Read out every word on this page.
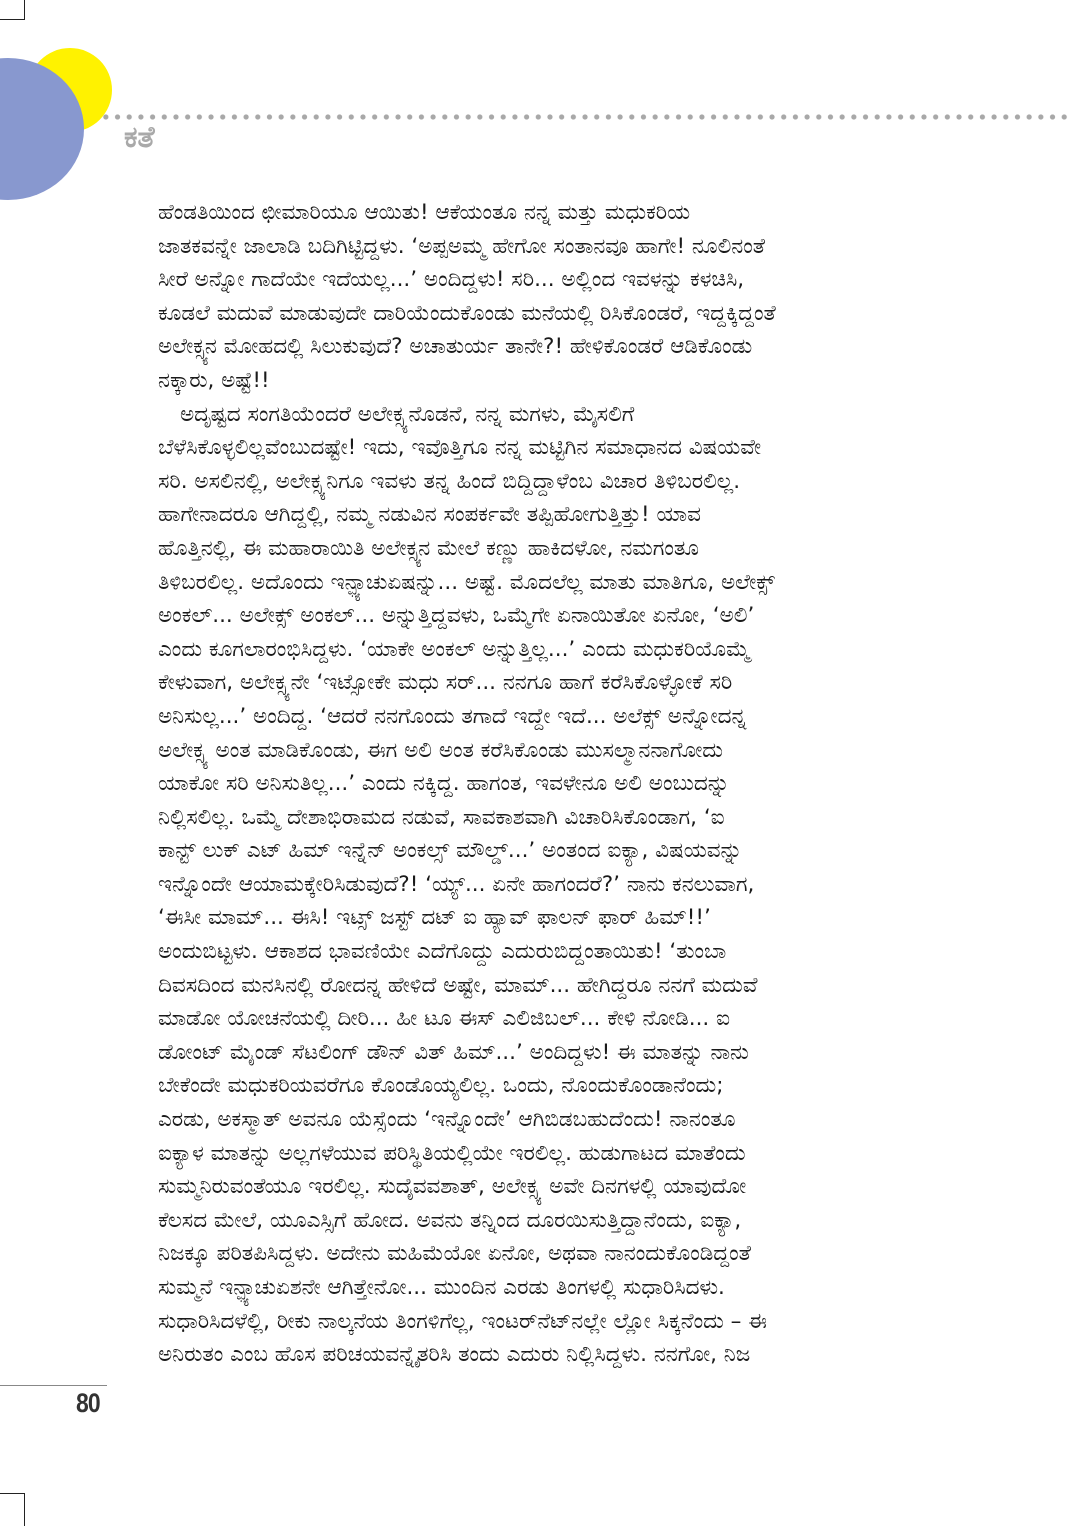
ಕತೆ
ಹೆಂಡತಿಯಿಂದ ಛೀಮಾರಿಯೂ ಆಯಿತು! ಆಕೆಯಂತೂ ನನ್ನ ಮತ್ತು ಮಧುಕರಿಯ
ಜಾತಕವನ್ನೇ ಜಾಲಾಡಿ ಬದಿಗಿಟ್ಟಿದ್ದಳು. ‘ಅಪ್ಪಅಮ್ಮ ಹೇಗೋ ಸಂತಾನವೂ ಹಾಗೇ! ನೂಲಿನಂತೆ
ಸೀರೆ ಅನ್ನೋ ಗಾದೆಯೇ ಇದೆಯಲ್ಲ...’ ಅಂದಿದ್ದಳು! ಸರಿ... ಅಲ್ಲಿಂದ ಇವಳನ್ನು ಕಳಚಿಸಿ,
ಕೂಡಲೆ ಮದುವೆ ಮಾಡುವುದೇ ದಾರಿಯೆಂದುಕೊಂಡು ಮನೆಯಲ್ಲಿ ರಿಸಿಕೊಂಡರೆ, ಇದ್ದಕ್ಕಿದ್ದಂತೆ
ಅಲೇಕ್ಸ್ಯನ ಮೋಹದಲ್ಲಿ ಸಿಲುಕುವುದೆ? ಅಚಾತುರ್ಯ ತಾನೇ?! ಹೇಳಿಕೊಂಡರೆ ಆಡಿಕೊಂಡು
ನಕ್ಕಾರು, ಅಷ್ಟೆ!!
ಅದೃಷ್ಟದ ಸಂಗತಿಯೆಂದರೆ ಅಲೇಕ್ಸ್ಯನೊಡನೆ, ನನ್ನ ಮಗಳು, ಮೈಸಲಿಗೆ
ಬೆಳೆಸಿಕೊಳ್ಳಲಿಲ್ಲವೆಂಬುದಷ್ಟೇ! ಇದು, ಇವೊತ್ತಿಗೂ ನನ್ನ ಮಟ್ಟಿಗಿನ ಸಮಾಧಾನದ ವಿಷಯವೇ
ಸರಿ. ಅಸಲಿನಲ್ಲಿ, ಅಲೇಕ್ಸ್ಯನಿಗೂ ಇವಳು ತನ್ನ ಹಿಂದೆ ಬಿದ್ದಿದ್ದಾಳೆಂಬ ವಿಚಾರ ತಿಳಿಬರಲಿಲ್ಲ.
ಹಾಗೇನಾದರೂ ಆಗಿದ್ದಲ್ಲಿ, ನಮ್ಮ ನಡುವಿನ ಸಂಪರ್ಕವೇ ತಪ್ಪಿಹೋಗುತ್ತಿತ್ತು! ಯಾವ
ಹೊತ್ತಿನಲ್ಲಿ, ಈ ಮಹಾರಾಯಿತಿ ಅಲೇಕ್ಸ್ಯನ ಮೇಲೆ ಕಣ್ಣು ಹಾಕಿದಳೋ, ನಮಗಂತೂ
ತಿಳಿಬರಲಿಲ್ಲ. ಅದೊಂದು ಇನ್ಫ್ಯಾಚುಏಷನ್ನು... ಅಷ್ಟೆ. ಮೊದಲೆಲ್ಲ ಮಾತು ಮಾತಿಗೂ, ಅಲೇಕ್ಸ್
ಅಂಕಲ್... ಅಲೇಕ್ಸ್ ಅಂಕಲ್... ಅನ್ನುತ್ತಿದ್ದವಳು, ಒಮ್ಮೆಗೇ ಏನಾಯಿತೋ ಏನೋ, ‘ಅಲಿ’
ಎಂದು ಕೂಗಲಾರಂಭಿಸಿದ್ದಳು. ‘ಯಾಕೇ ಅಂಕಲ್ ಅನ್ನುತ್ತಿಲ್ಲ...’ ಎಂದು ಮಧುಕರಿಯೊಮ್ಮೆ
ಕೇಳುವಾಗ, ಅಲೇಕ್ಸ್ಯನೇ ‘ಇಟ್ಸೋಕೇ ಮಧು ಸರ್... ನನಗೂ ಹಾಗೆ ಕರೆಸಿಕೊಳ್ಳೋಕೆ ಸರಿ
ಅನಿಸುಲ್ಲ...’ ಅಂದಿದ್ದ. ‘ಆದರೆ ನನಗೊಂದು ತಗಾದೆ ಇದ್ದೇ ಇದೆ... ಅಲೆಕ್ಸ್ ಅನ್ನೋದನ್ನ
ಅಲೇಕ್ಸ್ಯ ಅಂತ ಮಾಡಿಕೊಂಡು, ಈಗ ಅಲಿ ಅಂತ ಕರೆಸಿಕೊಂಡು ಮುಸಲ್ಮಾನನಾಗೋದು
ಯಾಕೋ ಸರಿ ಅನಿಸುತಿಲ್ಲ...’ ಎಂದು ನಕ್ಕಿದ್ದ. ಹಾಗಂತ, ಇವಳೇನೂ ಅಲಿ ಅಂಬುದನ್ನು
ನಿಲ್ಲಿಸಲಿಲ್ಲ. ಒಮ್ಮೆ ದೇಶಾಭಿರಾಮದ ನಡುವೆ, ಸಾವಕಾಶವಾಗಿ ವಿಚಾರಿಸಿಕೊಂಡಾಗ, ‘ಐ
ಕಾನ್ಟ್ ಲುಕ್ ಎಟ್ ಹಿಮ್ ಇನ್ನೆನ್ ಅಂಕಲ್ಸ್ ಮೌಲ್ಡ್...’ ಅಂತಂದ ಐಕ್ಯಾ, ವಿಷಯವನ್ನು
ಇನ್ನೊಂದೇ ಆಯಾಮಕ್ಕೇರಿಸಿಡುವುದೆ?! ‘ಯ್ಯ್... ಏನೇ ಹಾಗಂದರೆ?’ ನಾನು ಕನಲುವಾಗ,
‘ಈಸೀ ಮಾಮ್... ಈಸಿ! ಇಟ್ಸ್ ಜಸ್ಟ್ ದಟ್ ಐ ಹ್ಯಾವ್ ಫಾಲನ್ ಫಾರ್ ಹಿಮ್!!’
ಅಂದುಬಿಟ್ಟಳು. ಆಕಾಶದ ಭಾವಣಿಯೇ ಎದೆಗೊದ್ದು ಎದುರುಬಿದ್ದಂತಾಯಿತು! ‘ತುಂಬಾ
ದಿವಸದಿಂದ ಮನಸಿನಲ್ಲಿ ರೋದನ್ನ ಹೇಳಿದೆ ಅಷ್ಟೇ, ಮಾಮ್... ಹೇಗಿದ್ದರೂ ನನಗೆ ಮದುವೆ
ಮಾಡೋ ಯೋಚನೆಯಲ್ಲಿ ದೀರಿ... ಹೀ ಟೂ ಈಸ್ ಎಲಿಜಿಬಲ್... ಕೇಳಿ ನೋಡಿ... ಐ
ಡೋಂಟ್ ಮೈಂಡ್ ಸೆಟಲಿಂಗ್ ಡೌನ್ ವಿತ್ ಹಿಮ್...’ ಅಂದಿದ್ದಳು! ಈ ಮಾತನ್ನು ನಾನು
ಬೇಕೆಂದೇ ಮಧುಕರಿಯವರೆಗೂ ಕೊಂಡೊಯ್ಯಲಿಲ್ಲ. ಒಂದು, ನೊಂದುಕೊಂಡಾನೆಂದು;
ಎರಡು, ಅಕಸ್ಮಾತ್ ಅವನೂ ಯೆಸ್ಸೆಂದು ‘ಇನ್ನೊಂದೇ’ ಆಗಿಬಿಡಬಹುದೆಂದು! ನಾನಂತೂ
ಐಕ್ಯಾಳ ಮಾತನ್ನು ಅಲ್ಲಗಳೆಯುವ ಪರಿಸ್ಥಿತಿಯಲ್ಲಿಯೇ ಇರಲಿಲ್ಲ. ಹುಡುಗಾಟದ ಮಾತೆಂದು
ಸುಮ್ಮನಿರುವಂತೆಯೂ ಇರಲಿಲ್ಲ. ಸುದೈವವಶಾತ್, ಅಲೇಕ್ಸ್ಯ ಅವೇ ದಿನಗಳಲ್ಲಿ ಯಾವುದೋ
ಕೆಲಸದ ಮೇಲೆ, ಯೂಎಸ್ಸಿಗೆ ಹೋದ. ಅವನು ತನ್ನಿಂದ ದೂರಯಿಸುತ್ತಿದ್ದಾನೆಂದು, ಐಕ್ಯಾ,
ನಿಜಕ್ಕೂ ಪರಿತಪಿಸಿದ್ದಳು. ಅದೇನು ಮಹಿಮೆಯೋ ಏನೋ, ಅಥವಾ ನಾನಂದುಕೊಂಡಿದ್ದಂತೆ
ಸುಮ್ಮನೆ ಇನ್ಫ್ಯಾಚುಏಶನೇ ಆಗಿತ್ತೇನೋ... ಮುಂದಿನ ಎರಡು ತಿಂಗಳಲ್ಲಿ ಸುಧಾರಿಸಿದಳು.
ಸುಧಾರಿಸಿದಳೆಲ್ಲಿ, ರೀಕು ನಾಲ್ಕನೆಯ ತಿಂಗಳಿಗೆಲ್ಲ, ಇಂಟರ್‌ನೆಟ್‌ನಲ್ಲೇ ಲ್ಲೋ ಸಿಕ್ಕನೆಂದು – ಈ
ಅನಿರುತಂ ಎಂಬ ಹೊಸ ಪರಿಚಯವನ್ನೈತರಿಸಿ ತಂದು ಎದುರು ನಿಲ್ಲಿಸಿದ್ದಳು. ನನಗೋ, ನಿಜ
80
